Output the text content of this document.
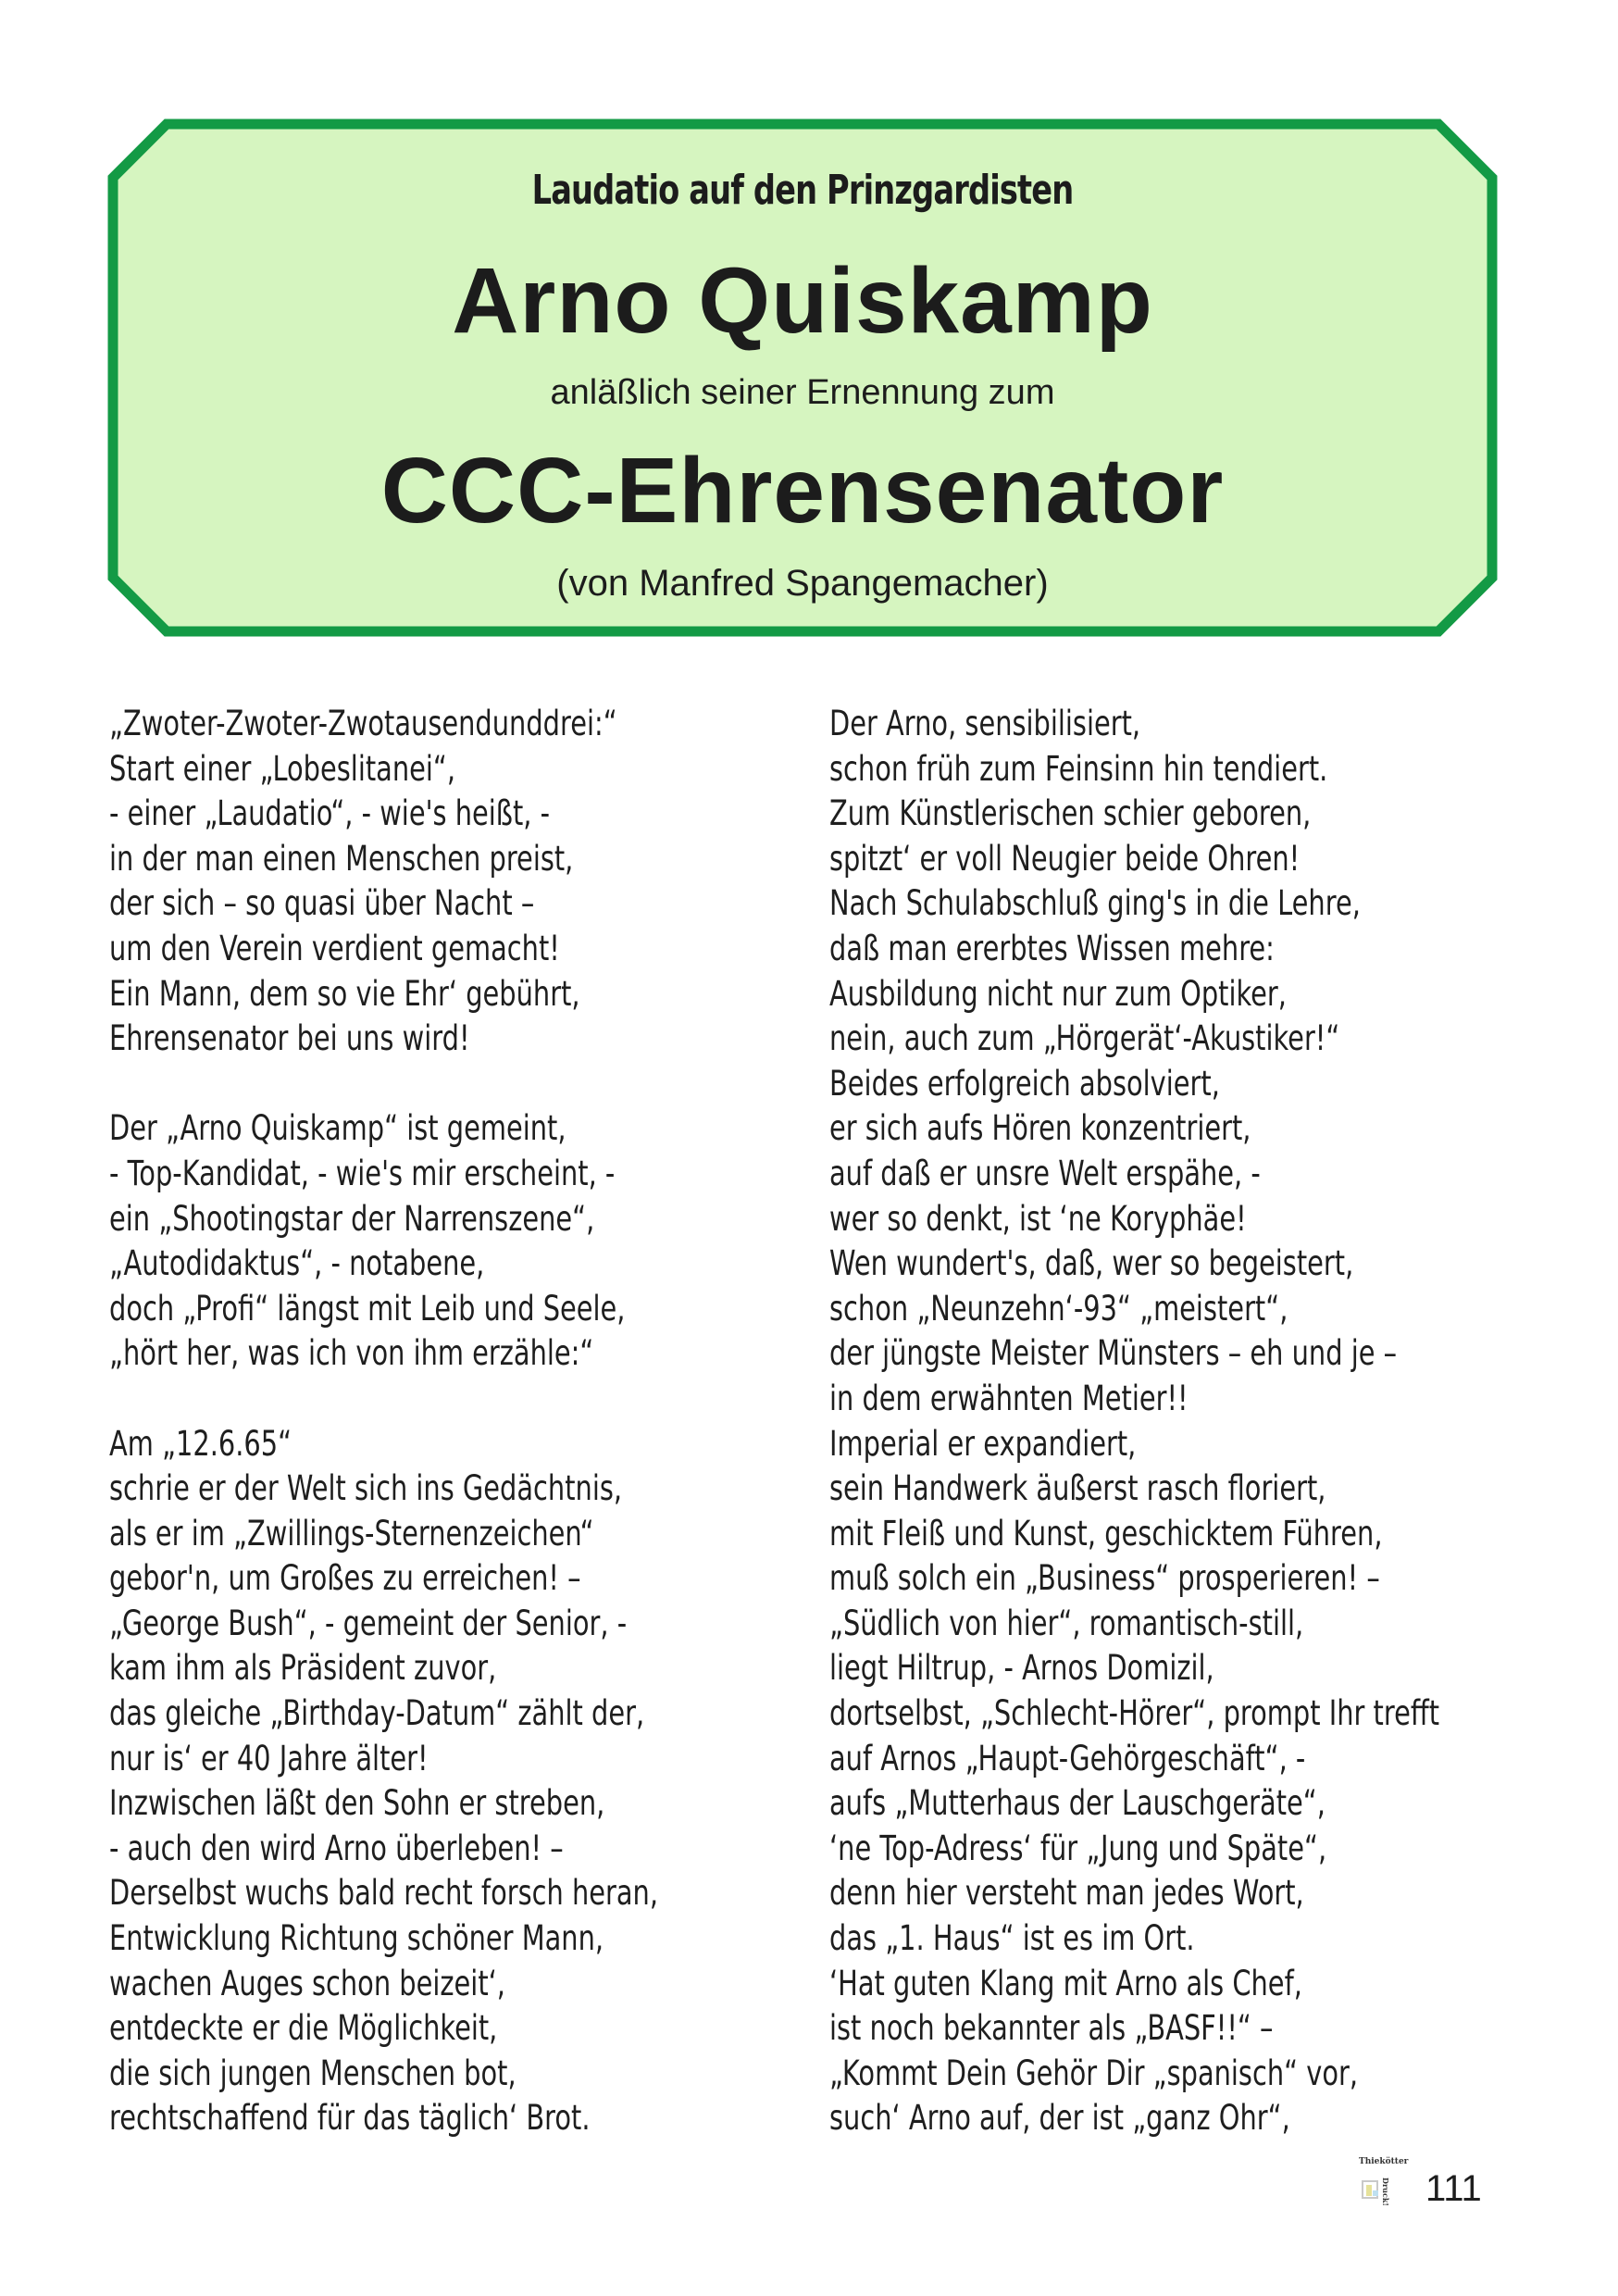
Laudatio auf den Prinzgardisten
Arno Quiskamp
anläßlich seiner Ernennung zum
CCC-Ehrensenator
(von Manfred Spangemacher)
„Zwoter-Zwoter-Zwotausendunddrei:“
Start einer „Lobeslitanei“,
- einer „Laudatio“, - wie's heißt, -
in der man einen Menschen preist,
der sich – so quasi über Nacht –
um den Verein verdient gemacht!
Ein Mann, dem so vie Ehr‘ gebührt,
Ehrensenator bei uns wird!
Der „Arno Quiskamp“ ist gemeint,
- Top-Kandidat, - wie's mir erscheint, -
ein „Shootingstar der Narrenszene“,
„Autodidaktus“, - notabene,
doch „Profi“ längst mit Leib und Seele,
„hört her, was ich von ihm erzähle:“
Am „12.6.65“
schrie er der Welt sich ins Gedächtnis,
als er im „Zwillings-Sternenzeichen“
gebor'n, um Großes zu erreichen! –
„George Bush“, - gemeint der Senior, -
kam ihm als Präsident zuvor,
das gleiche „Birthday-Datum“ zählt der,
nur is‘ er 40 Jahre älter!
Inzwischen läßt den Sohn er streben,
- auch den wird Arno überleben! –
Derselbst wuchs bald recht forsch heran,
Entwicklung Richtung schöner Mann,
wachen Auges schon beizeit‘,
entdeckte er die Möglichkeit,
die sich jungen Menschen bot,
rechtschaffend für das täglich‘ Brot.
Der Arno, sensibilisiert,
schon früh zum Feinsinn hin tendiert.
Zum Künstlerischen schier geboren,
spitzt‘ er voll Neugier beide Ohren!
Nach Schulabschluß ging's in die Lehre,
daß man ererbtes Wissen mehre:
Ausbildung nicht nur zum Optiker,
nein, auch zum „Hörgerät‘-Akustiker!“
Beides erfolgreich absolviert,
er sich aufs Hören konzentriert,
auf daß er unsre Welt erspähe, -
wer so denkt, ist ‘ne Koryphäe!
Wen wundert's, daß, wer so begeistert,
schon „Neunzehn‘-93“ „meistert“,
der jüngste Meister Münsters – eh und je –
in dem erwähnten Metier!!
Imperial er expandiert,
sein Handwerk äußerst rasch floriert,
mit Fleiß und Kunst, geschicktem Führen,
muß solch ein „Business“ prosperieren! –
„Südlich von hier“, romantisch-still,
liegt Hiltrup, - Arnos Domizil,
dortselbst, „Schlecht-Hörer“, prompt Ihr trefft
auf Arnos „Haupt-Gehörgeschäft“, -
aufs „Mutterhaus der Lauschgeräte“,
‘ne Top-Adress‘ für „Jung und Späte“,
denn hier versteht man jedes Wort,
das „1. Haus“ ist es im Ort.
‘Hat guten Klang mit Arno als Chef,
ist noch bekannter als „BASF!!“ –
„Kommt Dein Gehör Dir „spanisch“ vor,
such‘ Arno auf, der ist „ganz Ohr“,
Thiekötter
Druck! 111
